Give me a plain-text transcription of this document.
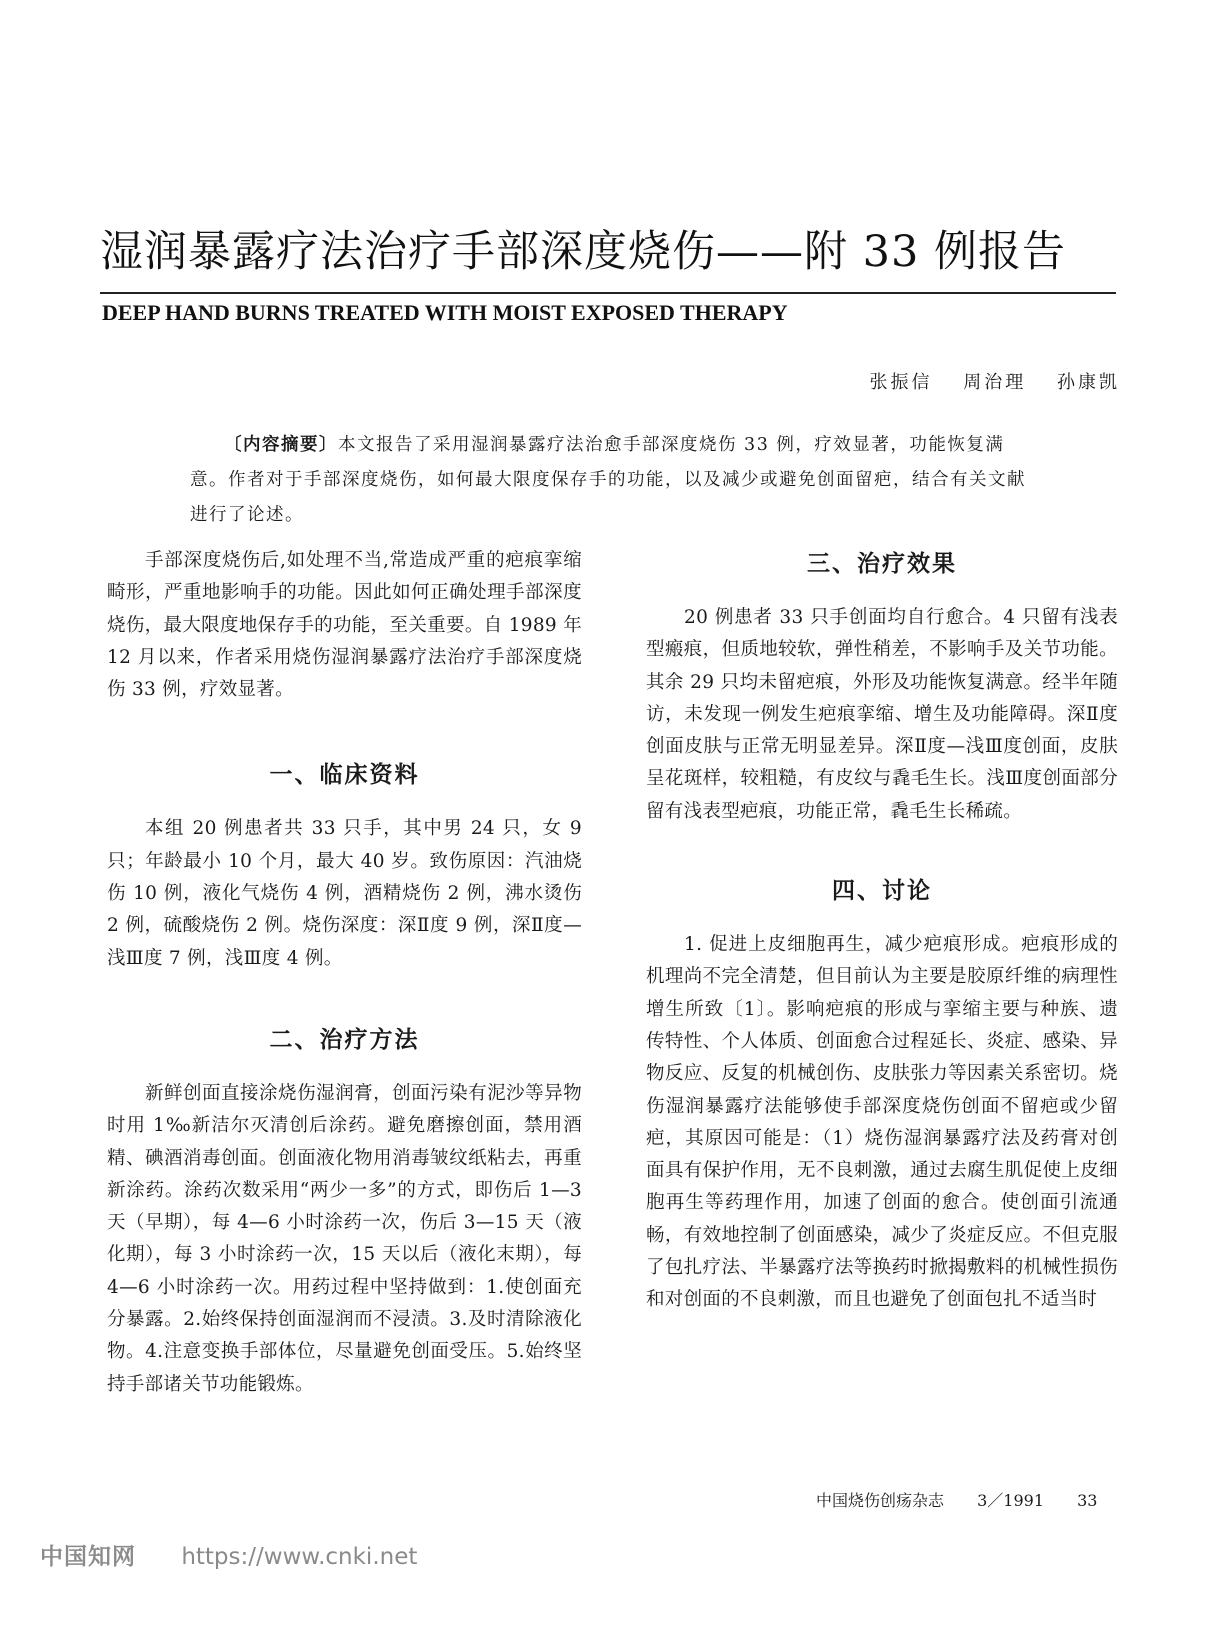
湿润暴露疗法治疗手部深度烧伤——附 33 例报告
DEEP HAND BURNS TREATED WITH MOIST EXPOSED THERAPY
张振信 周治理 孙康凯
〔内容摘要〕本文报告了采用湿润暴露疗法治愈手部深度烧伤 33 例，疗效显著，功能恢复满意。作者对于手部深度烧伤，如何最大限度保存手的功能，以及减少或避免创面留疤，结合有关文献进行了论述。

手部深度烧伤后,如处理不当,常造成严重的疤痕挛缩畸形，严重地影响手的功能。因此如何正确处理手部深度烧伤，最大限度地保存手的功能，至关重要。自 1989 年 12 月以来，作者采用烧伤湿润暴露疗法治疗手部深度烧伤 33 例，疗效显著。

一、临床资料

本组 20 例患者共 33 只手，其中男 24 只，女 9 只；年龄最小 10 个月，最大 40 岁。致伤原因：汽油烧伤 10 例，液化气烧伤 4 例，酒精烧伤 2 例，沸水烫伤 2 例，硫酸烧伤 2 例。烧伤深度：深Ⅱ度 9 例，深Ⅱ度—浅Ⅲ度 7 例，浅Ⅲ度 4 例。

二、治疗方法

新鲜创面直接涂烧伤湿润膏，创面污染有泥沙等异物时用 1‰新洁尔灭清创后涂药。避免磨擦创面，禁用酒精、碘酒消毒创面。创面液化物用消毒皱纹纸粘去，再重新涂药。涂药次数采用“两少一多”的方式，即伤后 1—3 天（早期），每 4—6 小时涂药一次，伤后 3—15 天（液化期），每 3 小时涂药一次，15 天以后（液化末期），每 4—6 小时涂药一次。用药过程中坚持做到：1.使创面充分暴露。2.始终保持创面湿润而不浸渍。3.及时清除液化物。4.注意变换手部体位，尽量避免创面受压。5.始终坚持手部诸关节功能锻炼。

三、治疗效果

20 例患者 33 只手创面均自行愈合。4 只留有浅表型瘢痕，但质地较软，弹性稍差，不影响手及关节功能。其余 29 只均未留疤痕，外形及功能恢复满意。经半年随访，未发现一例发生疤痕挛缩、增生及功能障碍。深Ⅱ度创面皮肤与正常无明显差异。深Ⅱ度—浅Ⅲ度创面，皮肤呈花斑样，较粗糙，有皮纹与毳毛生长。浅Ⅲ度创面部分留有浅表型疤痕，功能正常，毳毛生长稀疏。

四、讨论

1. 促进上皮细胞再生，减少疤痕形成。疤痕形成的机理尚不完全清楚，但目前认为主要是胶原纤维的病理性增生所致〔1〕。影响疤痕的形成与挛缩主要与种族、遗传特性、个人体质、创面愈合过程延长、炎症、感染、异物反应、反复的机械创伤、皮肤张力等因素关系密切。烧伤湿润暴露疗法能够使手部深度烧伤创面不留疤或少留疤，其原因可能是：（1）烧伤湿润暴露疗法及药膏对创面具有保护作用，无不良刺激，通过去腐生肌促使上皮细胞再生等药理作用，加速了创面的愈合。使创面引流通畅，有效地控制了创面感染，减少了炎症反应。不但克服了包扎疗法、半暴露疗法等换药时掀揭敷料的机械性损伤和对创面的不良刺激，而且也避免了创面包扎不适当时

中国烧伤创疡杂志 3／1991 33
中国知网 https://www.cnki.net
